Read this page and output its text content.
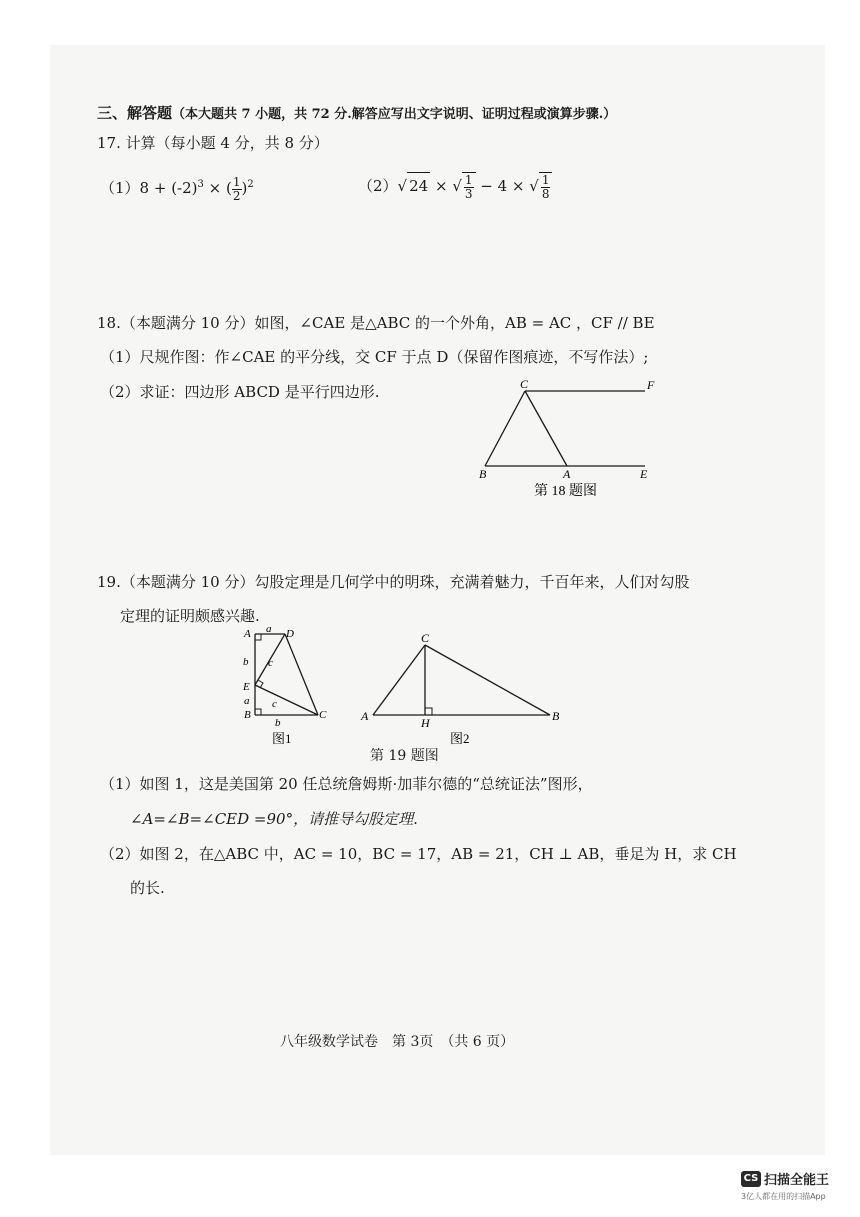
三、解答题（本大题共 7 小题，共 72 分.解答应写出文字说明、证明过程或演算步骤.）
17. 计算（每小题 4 分，共 8 分）
$(1)8 + (-2)^3$ × ( $\frac{1}{2} )^2$	（2）√ 24 × √ $\frac{1}{3} - 4$ × √ $\frac{1}{8}$
18.（本题满分 10 分）如图，∠CAE 是△ABC 的一个外角，AB = AC ，CF // BE
（1）尺规作图：作∠CAE 的平分线，交 CF 于点 D（保留作图痕迹，不写作法）;
（2）求证：四边形 ABCD 是平行四边形.	C	F
B	A	E
第 18 题图
19.（本题满分 10 分）勾股定理是几何学中的明珠，充满着魅力，千百年来，人们对勾股
定理的证明颇感兴趣.
A a D
b c
E
a
B
c
b
C
图1
C
A	H	B
图2
第 19 题图
（1）如图 1，这是美国第 20 任总统詹姆斯·加菲尔德的“总统证法”图形，
∠A=∠B=∠CED =90°，请推导勾股定理.
（2）如图 2，在△ABC 中，AC = 10，BC = 17，AB = 21，CH ⊥ AB，垂足为 H，求 CH
的长.
八年级数学试卷　第 3页　（共 6 页）
CS 扫描全能王
3亿人都在用的扫描App
